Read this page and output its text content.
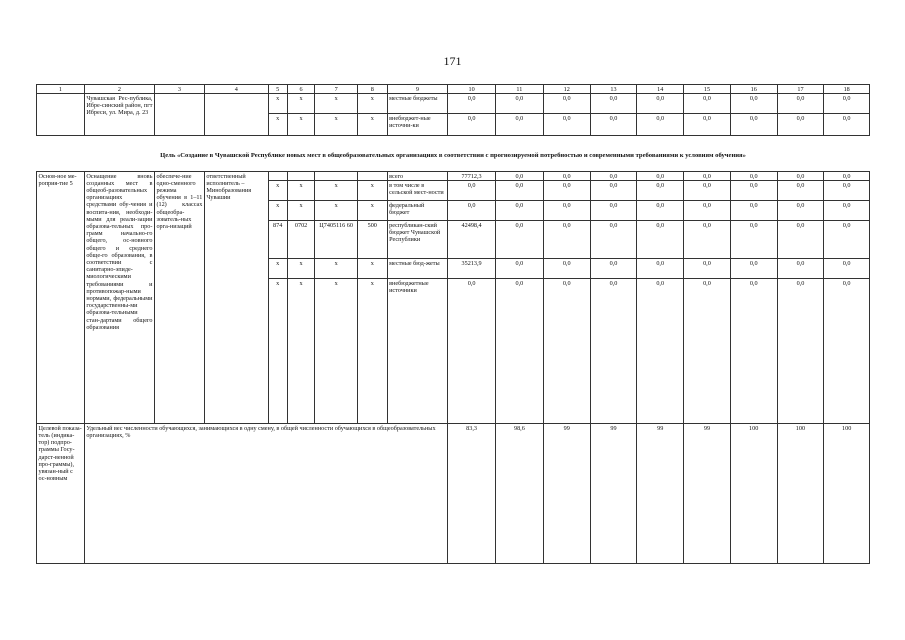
171
1	2	3	4	5	6	7	8	9	10	11	12	13	14	15	16	17	18
	Чувашская Рес-публика, Ибре-синский район, пгт Ибреси, ул. Мира, д. 23			х	х	х	х	местные бюджеты	0,0	0,0	0,0	0,0	0,0	0,0	0,0	0,0	0,0
				х	х	х	х	внебюджет-ные источни-ки	0,0	0,0	0,0	0,0	0,0	0,0	0,0	0,0	0,0
Цель «Создание в Чувашской Республике новых мест в общеобразовательных организациях в соответствии с прогнозируемой потребностью и современными требованиями к условиям обучения»
Основ-ное ме-роприя-тие 5	Оснащение вновь созданных мест в общеоб-разовательных организациях средствами обу-чения и воспита-ния, необходи-мыми для реали-зации образова-тельных про-грамм начально-го общего, ос-новного общего и среднего обще-го образования, в соответствии с санитарно-эпиде-миологическими требованиями и противопожар-ными нормами, федеральными государственны-ми образова-тельными стан-дартами общего образования	обеспече-ние одно-сменного режима обучения в 1–11 (12) классах общеобра-зователь-ных орга-низаций	ответственный исполнитель – Минобразования Чувашии					всего	77712,3	0,0	0,0	0,0	0,0	0,0	0,0	0,0	0,0
				х	х	х	х	в том числе в сельской мест-ности	0,0	0,0	0,0	0,0	0,0	0,0	0,0	0,0	0,0
				х	х	х	х	федеральный бюджет	0,0	0,0	0,0	0,0	0,0	0,0	0,0	0,0	0,0
				874	0702	Ц7405116 60	500	республикан-ский бюджет Чувашской Республики	42498,4	0,0	0,0	0,0	0,0	0,0	0,0	0,0	0,0
				х	х	х	х	местные бюд-жеты	35213,9	0,0	0,0	0,0	0,0	0,0	0,0	0,0	0,0
				х	х	х	х	внебюджетные источники	0,0	0,0	0,0	0,0	0,0	0,0	0,0	0,0	0,0
Целевой показа-тель (индика-тор) подпро-граммы Госу-дарст-венной про-граммы), увязан-ный с ос-новным	Удельный вес численности обучающихся, занимающихся в одну смену, в общей численности обучающихся в общеобразовательных организациях, %								83,3	98,6	99	99	99	99	100	100	100
